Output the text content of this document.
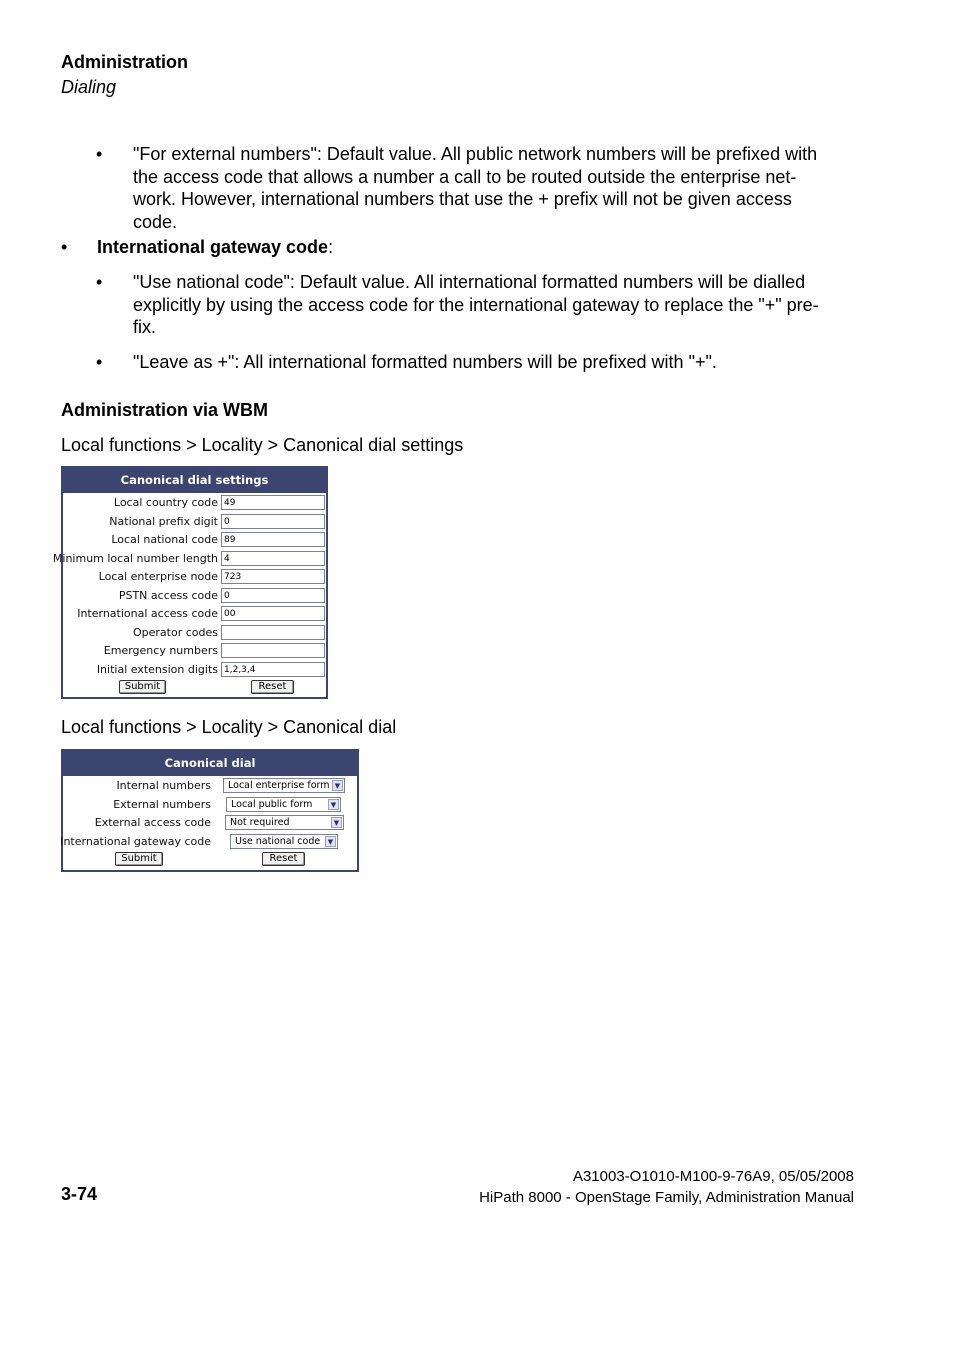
Administration
Dialing
• "For external numbers": Default value. All public network numbers will be prefixed with
the access code that allows a number a call to be routed outside the enterprise net-
work. However, international numbers that use the + prefix will not be given access
code.
• International gateway code:
• "Use national code": Default value. All international formatted numbers will be dialled
explicitly by using the access code for the international gateway to replace the "+" pre-
fix.
• "Leave as +": All international formatted numbers will be prefixed with "+".
Administration via WBM
Local functions > Locality > Canonical dial settings
Canonical dial settings
Local country code 49
National prefix digit 0
Local national code 89
Minimum local number length 4
Local enterprise node 723
PSTN access code 0
International access code 00
Operator codes
Emergency numbers
Initial extension digits 1,2,3,4
Submit	Reset
Local functions > Locality > Canonical dial
Canonical dial
Internal numbers	Local enterprise form ▼
External numbers	Local public form	▼
External access code	Not required	▼
International gateway code	Use national code	▼
Submit	Reset
3-74
A31003-O1010-M100-9-76A9, 05/05/2008
HiPath 8000 - OpenStage Family, Administration Manual
